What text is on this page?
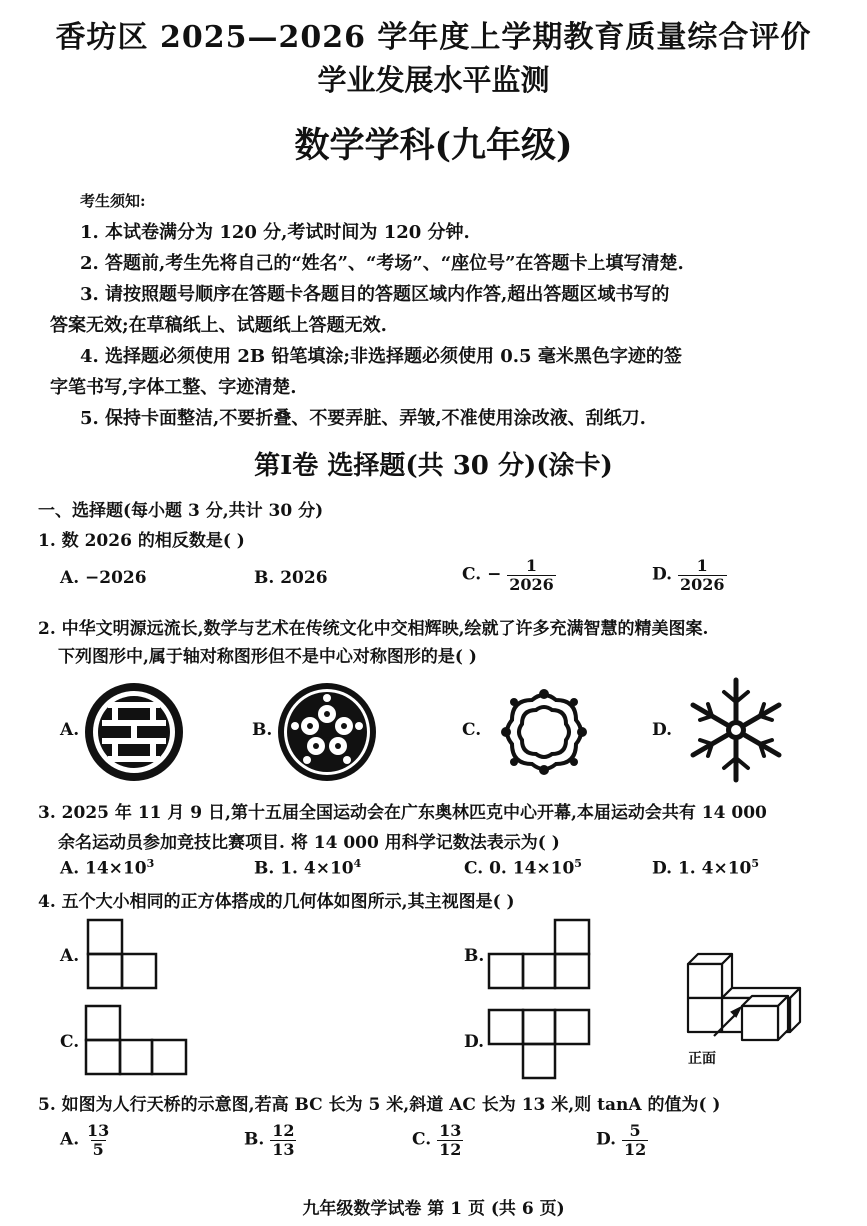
香坊区 2025—2026 学年度上学期教育质量综合评价
学业发展水平监测
数学学科(九年级)
考生须知:
1. 本试卷满分为 120 分,考试时间为 120 分钟.
2. 答题前,考生先将自己的“姓名”、“考场”、“座位号”在答题卡上填写清楚.
3. 请按照题号顺序在答题卡各题目的答题区域内作答,超出答题区域书写的
答案无效;在草稿纸上、试题纸上答题无效.
4. 选择题必须使用 2B 铅笔填涂;非选择题必须使用 0.5 毫米黑色字迹的签
字笔书写,字体工整、字迹清楚.
5. 保持卡面整洁,不要折叠、不要弄脏、弄皱,不准使用涂改液、刮纸刀.
第Ⅰ卷 选择题(共 30 分)(涂卡)
一、选择题(每小题 3 分,共计 30 分)
1. 数 2026 的相反数是( )
A. −2026	B. 2026	C. − $\frac{1}{2026}$	D. $\frac{1}{2026}$
2. 中华文明源远流长,数学与艺术在传统文化中交相辉映,绘就了许多充满智慧的精美图案.
下列图形中,属于轴对称图形但不是中心对称图形的是( )
A.	B.	C.	D.
3. 2025 年 11 月 9 日,第十五届全国运动会在广东奥林匹克中心开幕,本届运动会共有 14 000
余名运动员参加竞技比赛项目. 将 14 000 用科学记数法表示为( )
A. $14\times 10^3$	B. 1. $4\times 10^4$	C. 0. $14\times 10^5$	D. 1. $4\times 10^5$
4. 五个大小相同的正方体搭成的几何体如图所示,其主视图是( )
A.	B.
C.	D.
正面
5. 如图为人行天桥的示意图,若高 BC 长为 5 米,斜道 AC 长为 13 米,则 tanA 的值为( )
A. $\frac{13}{5}$	B. $\frac{12}{13}$	C. $\frac{13}{12}$	D. $\frac{5}{12}$
九年级数学试卷 第 1 页 (共 6 页)
